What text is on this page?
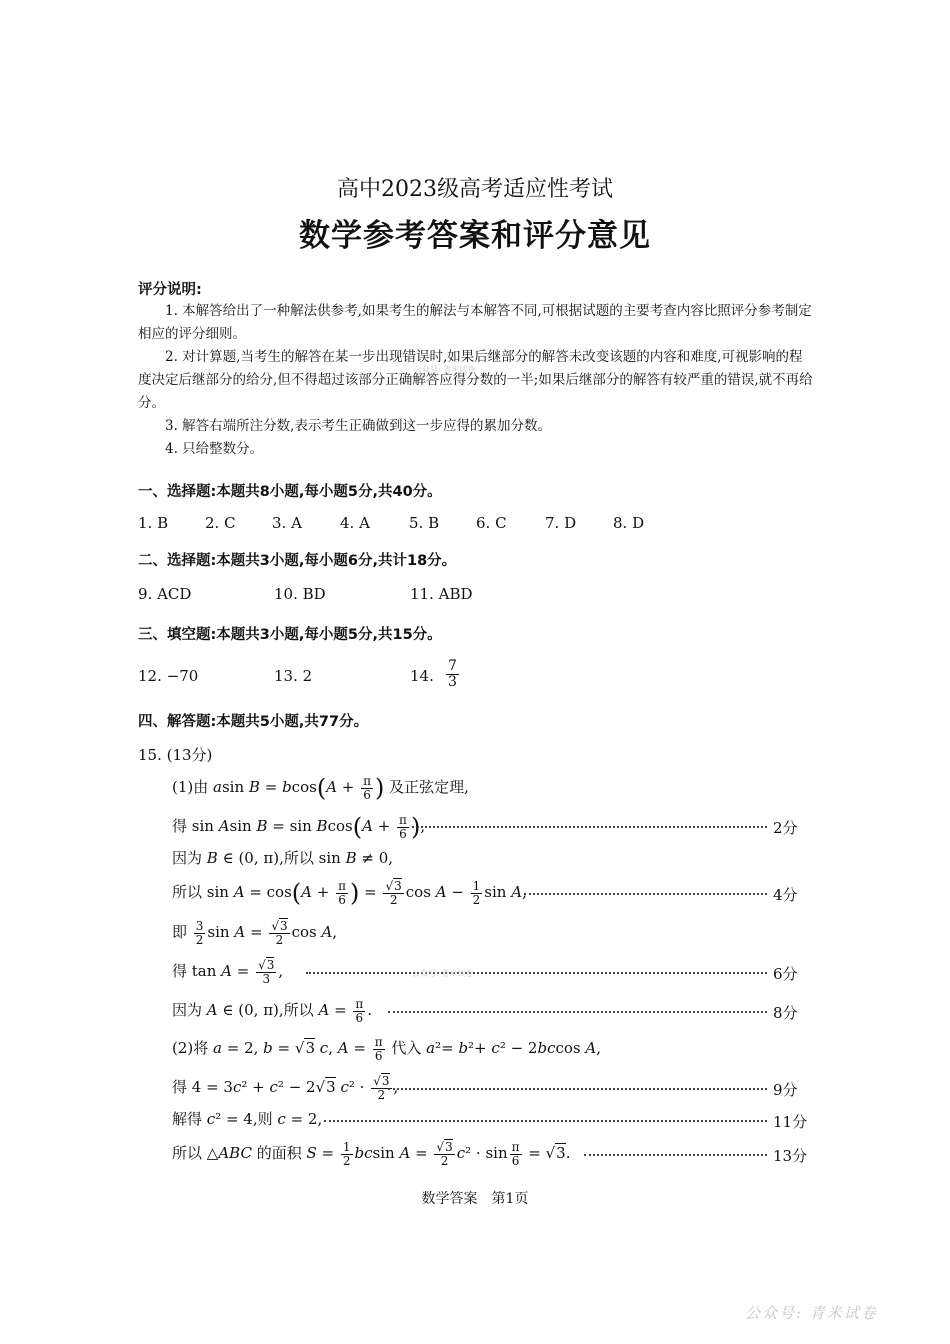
高中2023级高考适应性考试
数学参考答案和评分意见
评分说明:
1. 本解答给出了一种解法供参考,如果考生的解法与本解答不同,可根据试题的主要考查内容比照评分参考制定相应的评分细则。
2. 对计算题,当考生的解答在某一步出现错误时,如果后继部分的解答未改变该题的内容和难度,可视影响的程度决定后继部分的给分,但不得超过该部分正确解答应得分数的一半;如果后继部分的解答有较严重的错误,就不再给分。
3. 解答右端所注分数,表示考生正确做到这一步应得的累加分数。
4. 只给整数分。
公众号: 青米试卷
一、选择题:本题共8小题,每小题5分,共40分。
1. B 2. C 3. A	4. A	5. B 6. C	7. D 8. D
二、选择题:本题共3小题,每小题6分,共计18分。
9. ACD	10. BD	11. ABD
三、填空题:本题共3小题,每小题5分,共15分。
12. −70	13. 2	14. $\frac{7}{3}$
四、解答题:本题共5小题,共77分。
15. (13分)
(1)由 asin $B = bcos(A + \frac{\pi}{6}$ ) 及正弦定理,
得 sin Asin $B = \sin Bcos(A + \frac{\pi}{6}$ ),	2分
因为 B ∈ (0, π),所以 sin B ≠ 0,
所以 $\sin A = \cos(A + \frac{\pi}{6}$ ) = $\frac{√3}{2}$ $\cos A - \frac{1}{2}$ sin A,	4分
即 $\frac{3}{2}$ $\sin A = \frac{√3}{2}$ cos A,
得 $\tan A = \frac{√3}{3}$ ,	公众号: 青米试卷	6分
因为 A ∈ (0, π),所以 $A = \frac{\pi}{6}$ .	8分
(2)将 a = 2, b = √3 c, $A = \frac{\pi}{6}$ 代入 a²= b²+ c² − 2bccos A,
得 4 = 3c² + c² − 2√3 $c^2 \cdot \frac{√3}{2}$ ,	9分
解得 c² = 4,则 c = 2,	11分
所以 △ABC 的面积 $S = \frac{1}{2}$ bcsin $A = \frac{√3}{2} c^2 \cdot \sin \frac{\pi}{6} = √3$.	13分
数学答案　第1页
公众号: 青米试卷
